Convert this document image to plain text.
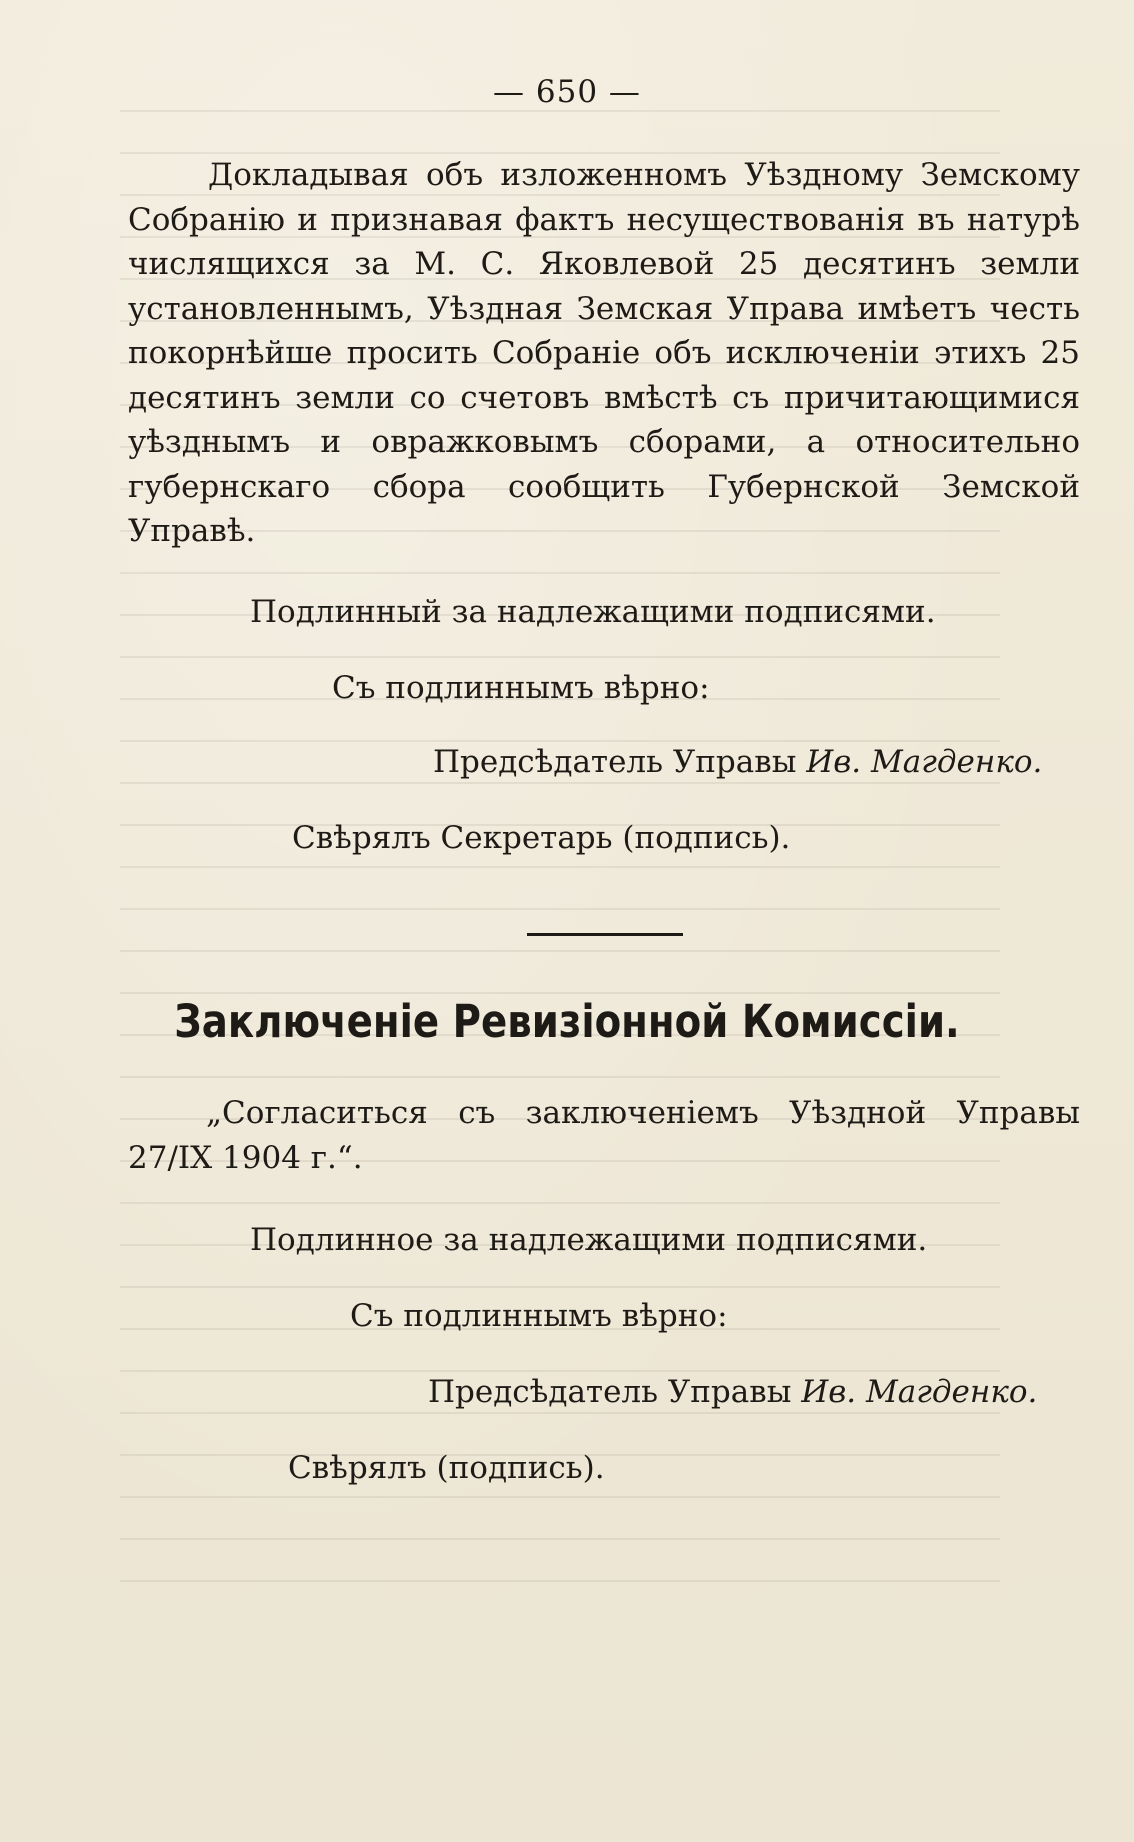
— 650 —
Докладывая объ изложенномъ Уѣздному Земскому Собранію и признавая фактъ несуществованія въ натурѣ числящихся за М. С. Яковлевой 25 десятинъ земли установленнымъ, Уѣздная Земская Управа имѣетъ честь покорнѣйше просить Собраніе объ исключеніи этихъ 25 десятинъ земли со счетовъ вмѣстѣ съ причитающимися уѣзднымъ и овражковымъ сборами, а относительно губернскаго сбора сообщить Губернской Земской Управѣ.
Подлинный за надлежащими подписями.
Съ подлиннымъ вѣрно:
Предсѣдатель Управы Ив. Магденко.
Свѣрялъ Секретарь (подпись).
Заключеніе Ревизіонной Комиссіи.
„Согласиться съ заключеніемъ Уѣздной Управы 27/IX 1904 г.“.
Подлинное за надлежащими подписями.
Съ подлиннымъ вѣрно:
Предсѣдатель Управы Ив. Магденко.
Свѣрялъ (подпись).
